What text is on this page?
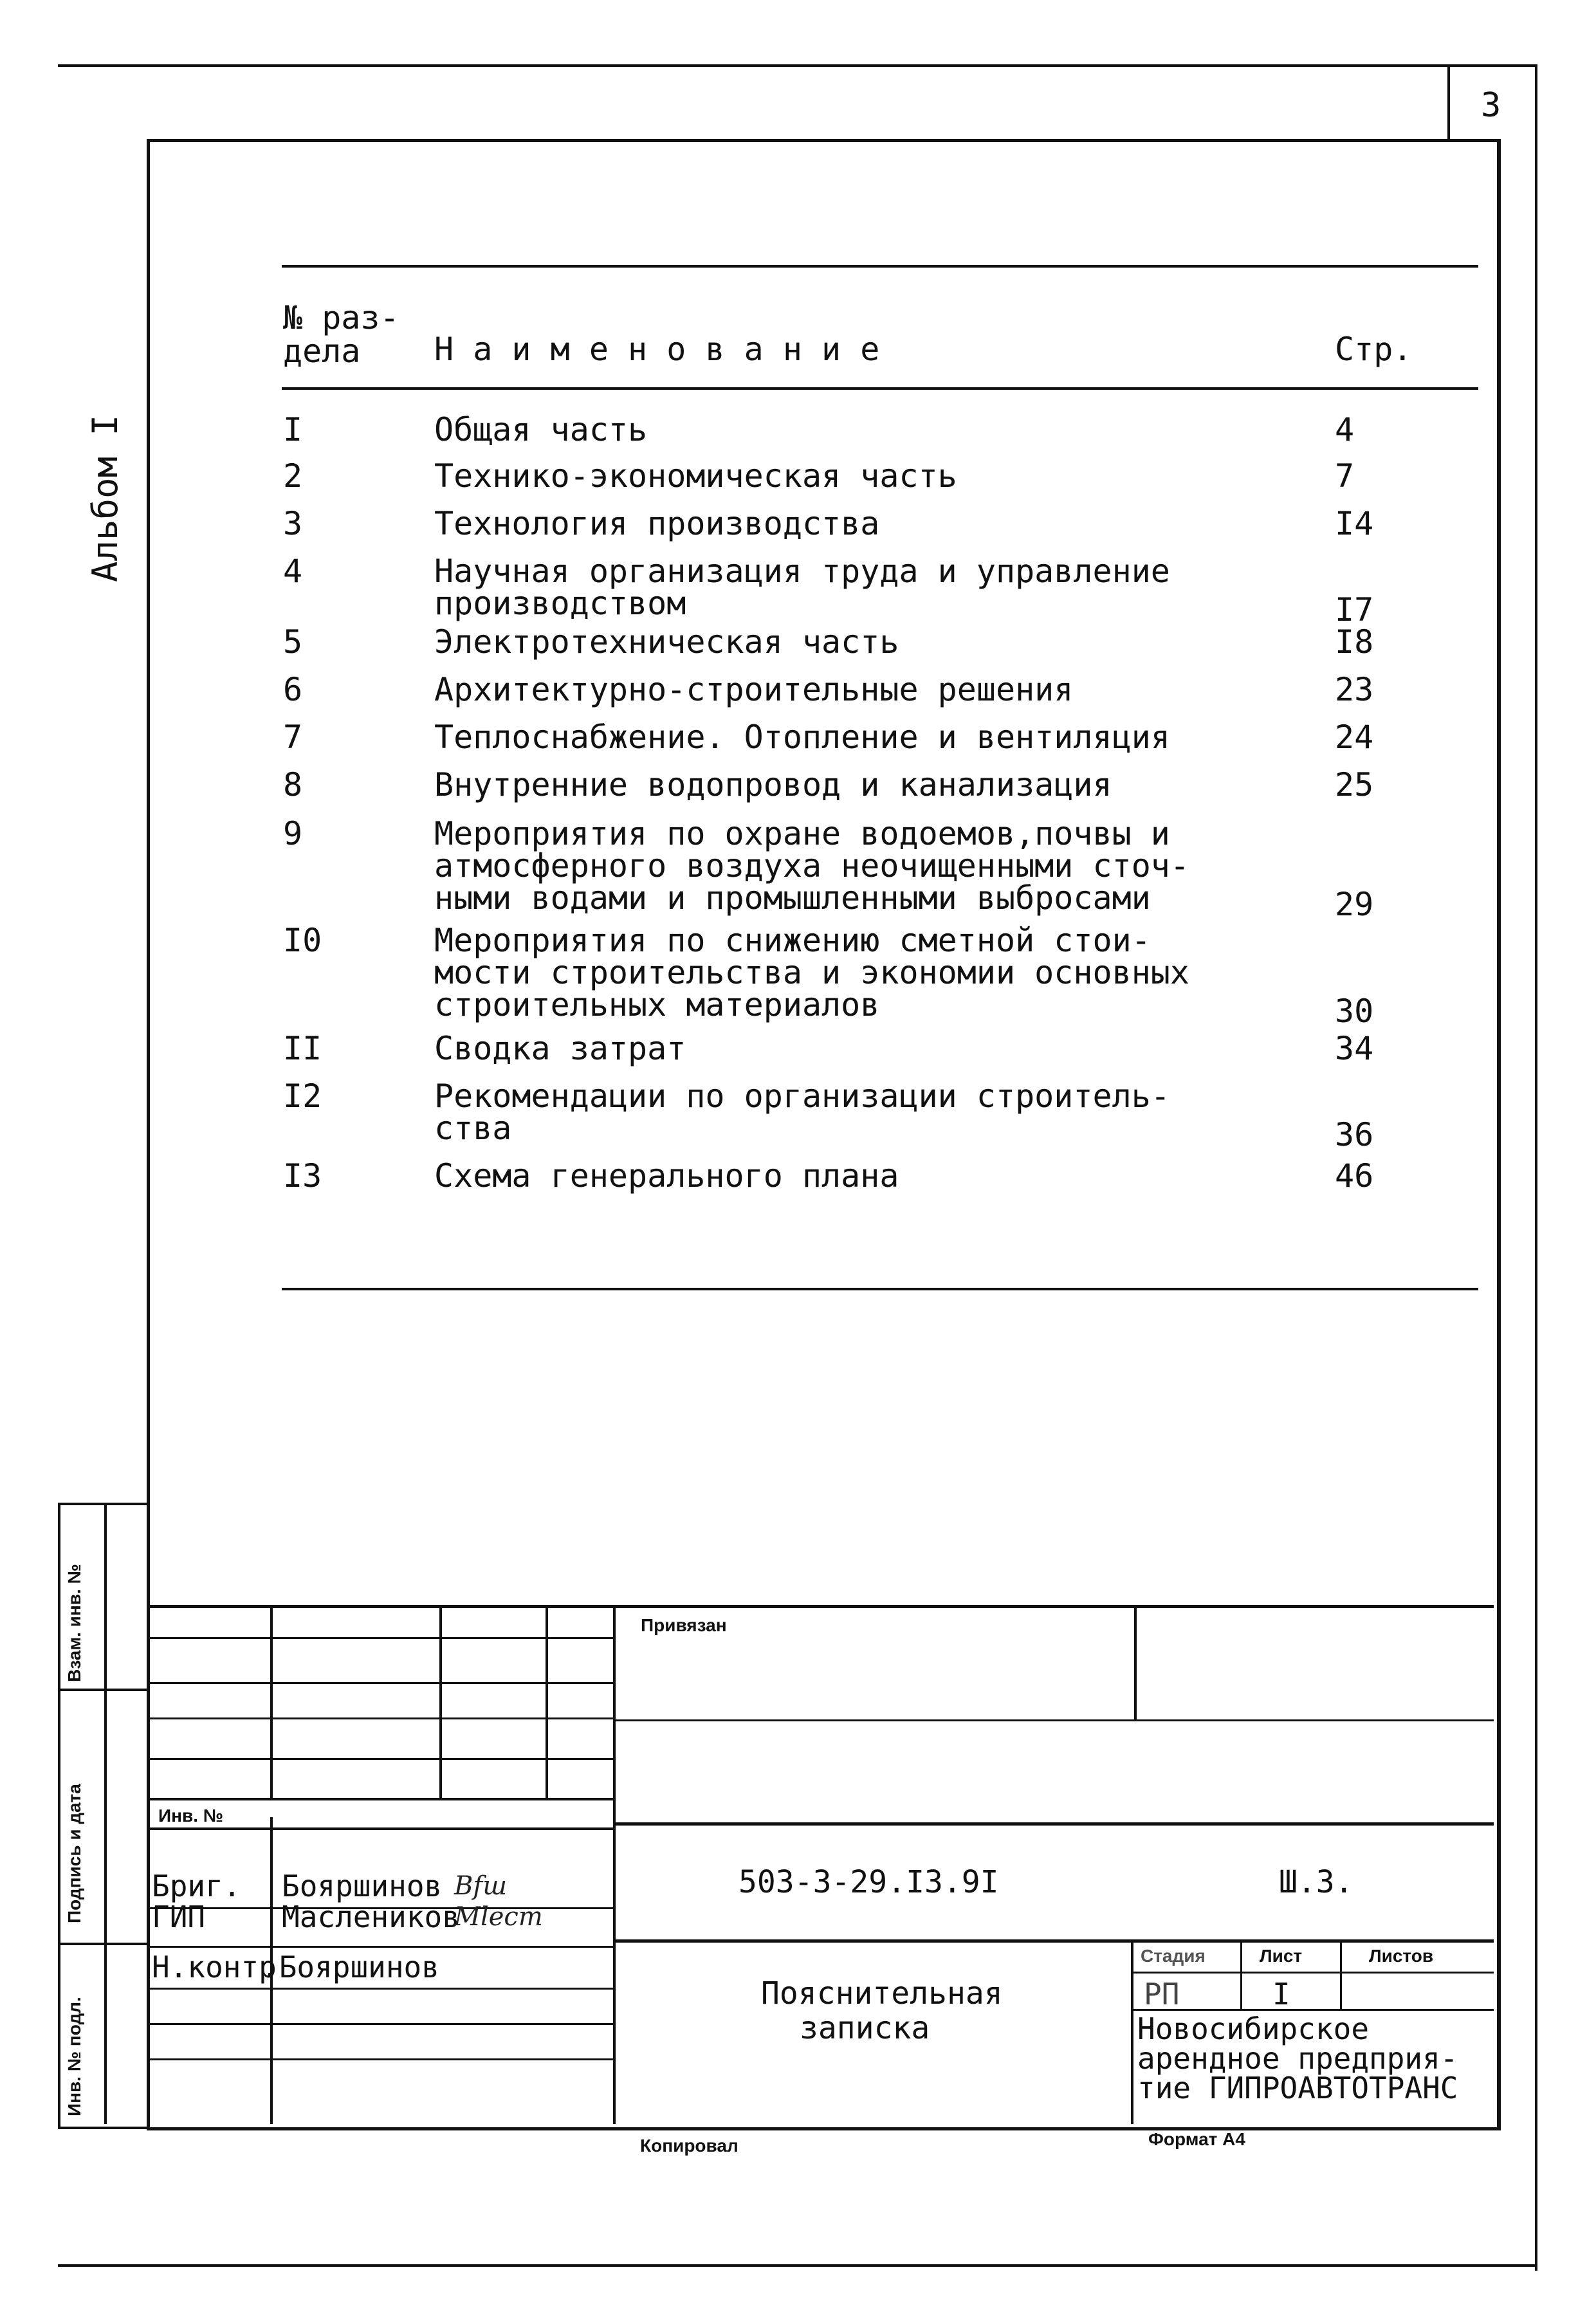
3
Альбом I
№ раз-
дела	Н а и м е н о в а н и е	Стр.
I	Общая часть	4
2	Технико-экономическая часть	7
3	Технология производства	I4
4	Научная организация труда и управление
производством	I7
5	Электротехническая часть	I8
6	Архитектурно-строительные решения	23
7	Теплоснабжение. Отопление и вентиляция	24
8	Внутренние водопровод и канализация	25
9	Мероприятия по охране водоемов,почвы и
атмосферного воздуха неочищенными сточ-
ными водами и промышленными выбросами	29
I0	Мероприятия по снижению сметной стои-
мости строительства и экономии основных
строительных материалов	30
II	Сводка затрат	34
I2	Рекомендации по организации строитель-
ства	36
I3	Схема генерального плана	46
Взам. инв. №
Подпись и дата
Инв. № подл.
Инв. №
Бриг. Бояршинов Bfш
ГИП	Маслеников
Mlecm
Н.контр
.Бояршинов
Привязан
503-3-29.I3.9I	Ш.З.
Пояснительная
записка
Стадия	Лист	Листов
РП	I
Новосибирское
арендное предприя-
тие ГИПРОАВТОТРАНС
Копировал	Формат А4
